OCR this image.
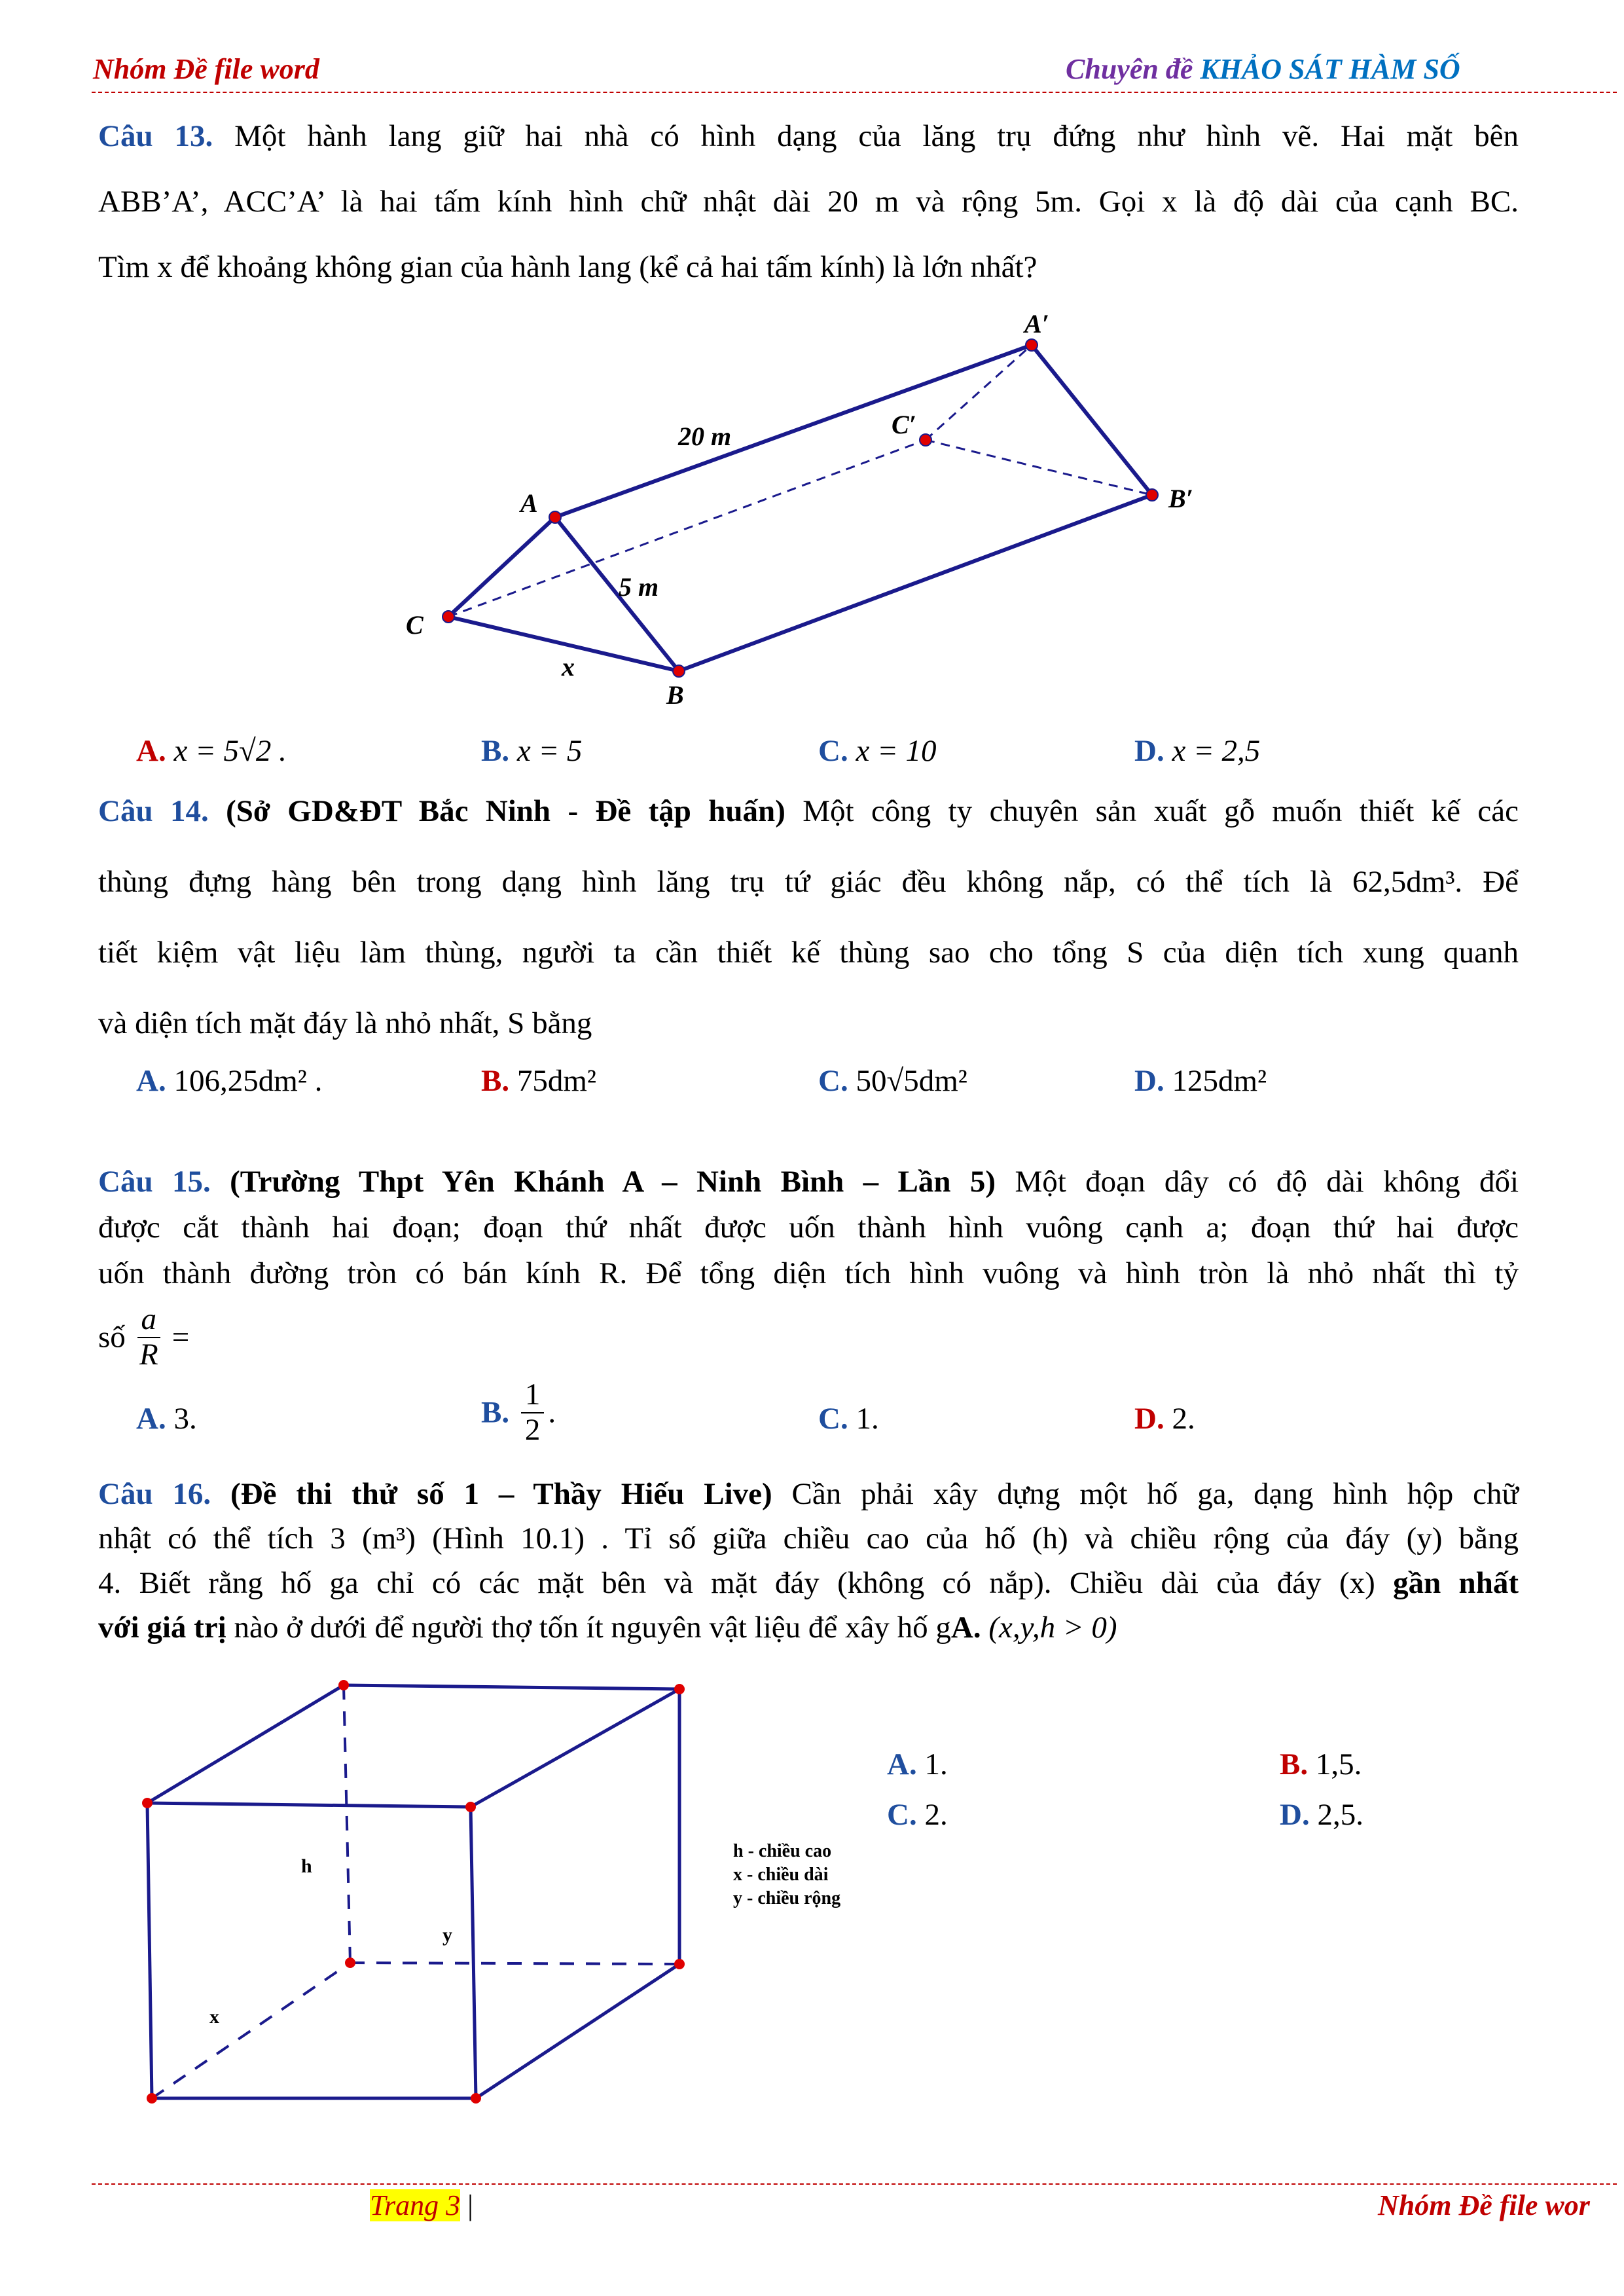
Nhóm Đề file word	Chuyên đề KHẢO SÁT HÀM SỐ
Câu 13. Một hành lang giữ hai nhà có hình dạng của lăng trụ đứng như hình vẽ. Hai mặt bên
ABB’A’, ACC’A’ là hai tấm kính hình chữ nhật dài 20 m và rộng 5m. Gọi x là độ dài của cạnh BC.
Tìm x để khoảng không gian của hành lang (kể cả hai tấm kính) là lớn nhất?
A
B
C
A′
B′
C′
20 m
5 m
x
A. x = 5√2 .	B. x = 5	C. x = 10	D. x = 2,5
Câu 14. (Sở GD&ĐT Bắc Ninh - Đề tập huấn) Một công ty chuyên sản xuất gỗ muốn thiết kế các
thùng đựng hàng bên trong dạng hình lăng trụ tứ giác đều không nắp, có thể tích là 62,5dm³. Để
tiết kiệm vật liệu làm thùng, người ta cần thiết kế thùng sao cho tổng S của diện tích xung quanh
và diện tích mặt đáy là nhỏ nhất, S bằng
A. 106,25dm² .	B. 75dm²	C. 50√5dm²	D. 125dm²
Câu 15. (Trường Thpt Yên Khánh A – Ninh Bình – Lần 5) Một đoạn dây có độ dài không đổi
được cắt thành hai đoạn; đoạn thứ nhất được uốn thành hình vuông cạnh a; đoạn thứ hai được
uốn thành đường tròn có bán kính R. Để tổng diện tích hình vuông và hình tròn là nhỏ nhất thì tỷ
số $\frac{a}{R}$ =
A. 3.	B. $\frac{1}{2}$ .	C. 1.	D. 2.
Câu 16. (Đề thi thử số 1 – Thầy Hiếu Live) Cần phải xây dựng một hố ga, dạng hình hộp chữ
nhật có thể tích 3 (m³) (Hình 10.1) . Tỉ số giữa chiều cao của hố (h) và chiều rộng của đáy (y) bằng
4. Biết rằng hố ga chỉ có các mặt bên và mặt đáy (không có nắp). Chiều dài của đáy (x) gần nhất
với giá trị nào ở dưới để người thợ tốn ít nguyên vật liệu để xây hố gA. (x,y,h > 0)
h
y
x
h - chiều cao
x - chiều dài
y - chiều rộng
A. 1.	B. 1,5.
C. 2.	D. 2,5.
Trang 3 |	Nhóm Đề file wor
